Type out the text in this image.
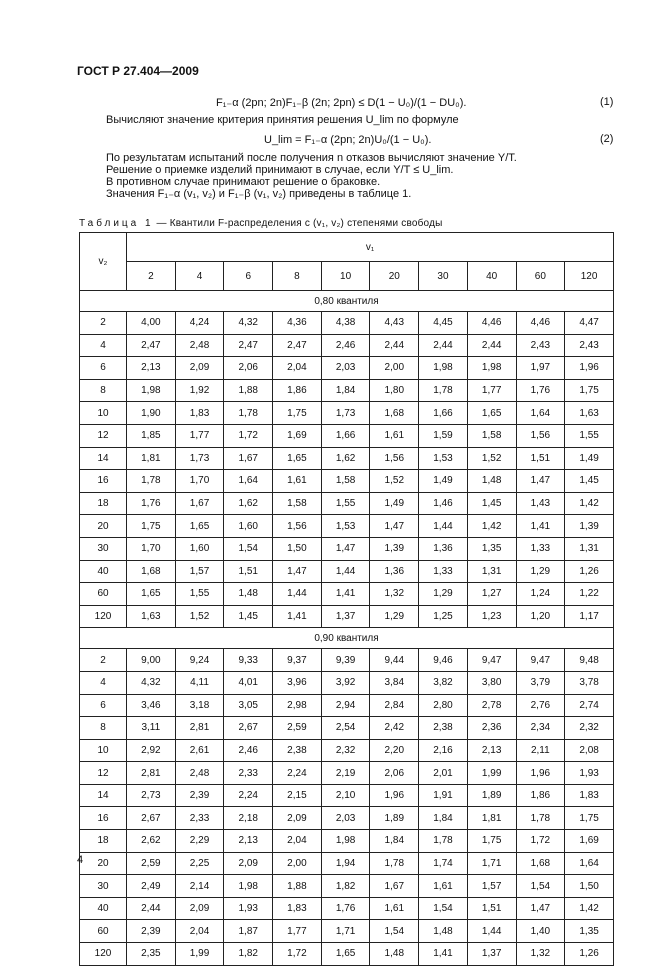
ГОСТ Р 27.404—2009
F₁₋α (2pn; 2n)F₁₋β (2n; 2pn) ≤ D(1 − U₀)/(1 − DU₀).	(1)
Вычисляют значение критерия принятия решения U_lim по формуле
U_lim = F₁₋α (2pn; 2n)U₀/(1 − U₀).	(2)
По результатам испытаний после получения n отказов вычисляют значение Y/T.
Решение о приемке изделий принимают в случае, если Y/T ≤ U_lim.
В противном случае принимают решение о браковке.
Значения F₁₋α (v₁, v₂) и F₁₋β (v₁, v₂) приведены в таблице 1.
Таблица 1 — Квантили F-распределения с (v₁, v₂) степенями свободы
v₂	v₁									
	2	4	6	8	10	20	30	40	60	120
0,80 квантиля										
2	4,00	4,24	4,32	4,36	4,38	4,43	4,45	4,46	4,46	4,47
4	2,47	2,48	2,47	2,47	2,46	2,44	2,44	2,44	2,43	2,43
6	2,13	2,09	2,06	2,04	2,03	2,00	1,98	1,98	1,97	1,96
8	1,98	1,92	1,88	1,86	1,84	1,80	1,78	1,77	1,76	1,75
10	1,90	1,83	1,78	1,75	1,73	1,68	1,66	1,65	1,64	1,63
12	1,85	1,77	1,72	1,69	1,66	1,61	1,59	1,58	1,56	1,55
14	1,81	1,73	1,67	1,65	1,62	1,56	1,53	1,52	1,51	1,49
16	1,78	1,70	1,64	1,61	1,58	1,52	1,49	1,48	1,47	1,45
18	1,76	1,67	1,62	1,58	1,55	1,49	1,46	1,45	1,43	1,42
20	1,75	1,65	1,60	1,56	1,53	1,47	1,44	1,42	1,41	1,39
30	1,70	1,60	1,54	1,50	1,47	1,39	1,36	1,35	1,33	1,31
40	1,68	1,57	1,51	1,47	1,44	1,36	1,33	1,31	1,29	1,26
60	1,65	1,55	1,48	1,44	1,41	1,32	1,29	1,27	1,24	1,22
120	1,63	1,52	1,45	1,41	1,37	1,29	1,25	1,23	1,20	1,17
0,90 квантиля										
2	9,00	9,24	9,33	9,37	9,39	9,44	9,46	9,47	9,47	9,48
4	4,32	4,11	4,01	3,96	3,92	3,84	3,82	3,80	3,79	3,78
6	3,46	3,18	3,05	2,98	2,94	2,84	2,80	2,78	2,76	2,74
8	3,11	2,81	2,67	2,59	2,54	2,42	2,38	2,36	2,34	2,32
10	2,92	2,61	2,46	2,38	2,32	2,20	2,16	2,13	2,11	2,08
12	2,81	2,48	2,33	2,24	2,19	2,06	2,01	1,99	1,96	1,93
14	2,73	2,39	2,24	2,15	2,10	1,96	1,91	1,89	1,86	1,83
16	2,67	2,33	2,18	2,09	2,03	1,89	1,84	1,81	1,78	1,75
18	2,62	2,29	2,13	2,04	1,98	1,84	1,78	1,75	1,72	1,69
20	2,59	2,25	2,09	2,00	1,94	1,78	1,74	1,71	1,68	1,64
30	2,49	2,14	1,98	1,88	1,82	1,67	1,61	1,57	1,54	1,50
40	2,44	2,09	1,93	1,83	1,76	1,61	1,54	1,51	1,47	1,42
60	2,39	2,04	1,87	1,77	1,71	1,54	1,48	1,44	1,40	1,35
120	2,35	1,99	1,82	1,72	1,65	1,48	1,41	1,37	1,32	1,26
4
